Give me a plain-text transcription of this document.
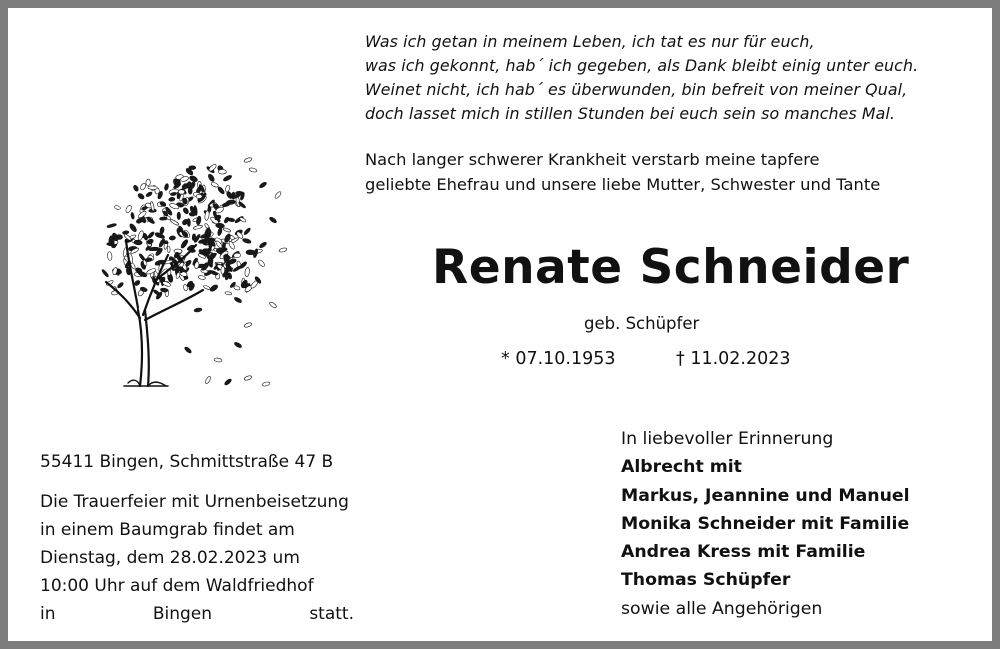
Was ich getan in meinem Leben, ich tat es nur für euch,
was ich gekonnt, hab´ ich gegeben, als Dank bleibt einig unter euch.
Weinet nicht, ich hab´ es überwunden, bin befreit von meiner Qual,
doch lasset mich in stillen Stunden bei euch sein so manches Mal.
Nach langer schwerer Krankheit verstarb meine tapfere
geliebte Ehefrau und unsere liebe Mutter, Schwester und Tante
Renate Schneider
geb. Schüpfer
* 07.10.1953	† 11.02.2023
55411 Bingen, Schmittstraße 47 B
Die Trauerfeier mit Urnenbeisetzung
in einem Baumgrab findet am
Dienstag, dem 28.02.2023 um
10:00 Uhr auf dem Waldfriedhof
in Bingen statt.
In liebevoller Erinnerung
Albrecht mit
Markus, Jeannine und Manuel
Monika Schneider mit Familie
Andrea Kress mit Familie
Thomas Schüpfer
sowie alle Angehörigen
